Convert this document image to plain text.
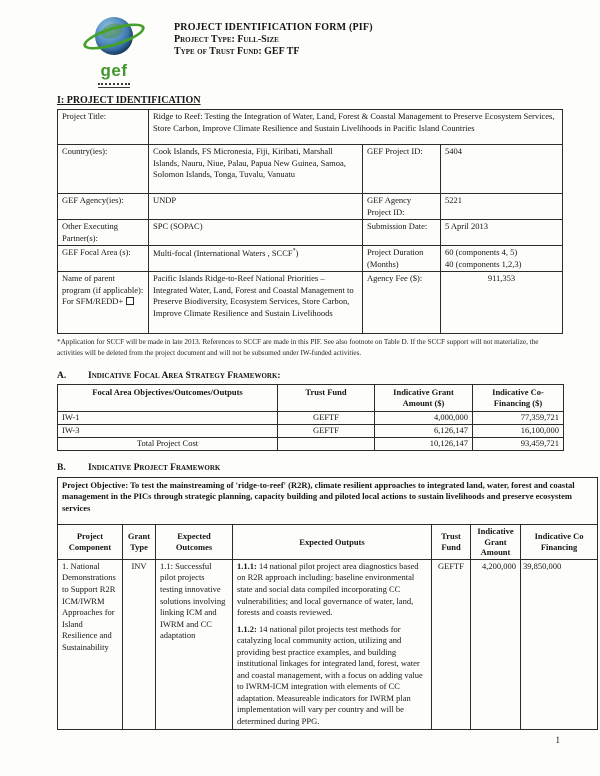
gef
PROJECT IDENTIFICATION FORM (PIF)
Project Type: Full-Size
Type of Trust Fund: GEF TF
I: PROJECT IDENTIFICATION
Project Title:	Ridge to Reef: Testing the Integration of Water, Land, Forest & Coastal Management to Preserve Ecosystem Services, Store Carbon, Improve Climate Resilience and Sustain Livelihoods in Pacific Island Countries		
Country(ies):	Cook Islands, FS Micronesia, Fiji, Kiribati, Marshall Islands, Nauru, Niue, Palau, Papua New Guinea, Samoa, Solomon Islands, Tonga, Tuvalu, Vanuatu	GEF Project ID:	5404
GEF Agency(ies):	UNDP	GEF Agency Project ID:	5221
Other Executing Partner(s):	SPC (SOPAC)	Submission Date:	5 April 2013
GEF Focal Area (s):	Multi-focal (International Waters , SCCF*)	Project Duration (Months)	60 (components 4, 5)
40 (components 1,2,3)

Name of parent program (if applicable):
For SFM/REDD+	Pacific Islands Ridge-to-Reef National Priorities – Integrated Water, Land, Forest and Coastal Management to Preserve Biodiversity, Ecosystem Services, Store Carbon, Improve Climate Resilience and Sustain Livelihoods	Agency Fee ($):	911,353
*Application for SCCF will be made in late 2013. References to SCCF are made in this PIF. See also footnote on Table D. If the SCCF support will not materialize, the activities will be deleted from the project document and will not be subsumed under IW-funded activities.
A. Indicative Focal Area Strategy Framework:
Focal Area Objectives/Outcomes/Outputs	Trust Fund	Indicative Grant Amount ($)	Indicative Co-Financing ($)
IW-1	GEFTF	4,000,000	77,359,721
IW-3	GEFTF	6,126,147	16,100,000
Total Project Cost		10,126,147	93,459,721
B. Indicative Project Framework
Project Objective: To test the mainstreaming of 'ridge-to-reef' (R2R), climate resilient approaches to integrated land, water, forest and coastal management in the PICs through strategic planning, capacity building and piloted local actions to sustain livelihoods and preserve ecosystem services						
Project Component	Grant Type	Expected Outcomes	Expected Outputs	Trust Fund	Indicative Grant Amount	Indicative Co Financing
1. National Demonstrations to Support R2R ICM/IWRM Approaches for Island Resilience and Sustainability	INV	1.1: Successful pilot projects testing innovative solutions involving linking ICM and IWRM and CC adaptation	1.1.1: 14 national pilot project area diagnostics based on R2R approach including: baseline environmental state and social data compiled incorporating CC vulnerabilities; and local governance of water, land, forests and coasts reviewed.

1.1.2: 14 national pilot projects test methods for catalyzing local community action, utilizing and providing best practice examples, and building institutional linkages for integrated land, forest, water and coastal management, with a focus on adding value to IWRM-ICM integration with elements of CC adaptation. Measureable indicators for IWRM plan implementation will vary per country and will be determined during PPG.	GEFTF	4,200,000	39,850,000
1
